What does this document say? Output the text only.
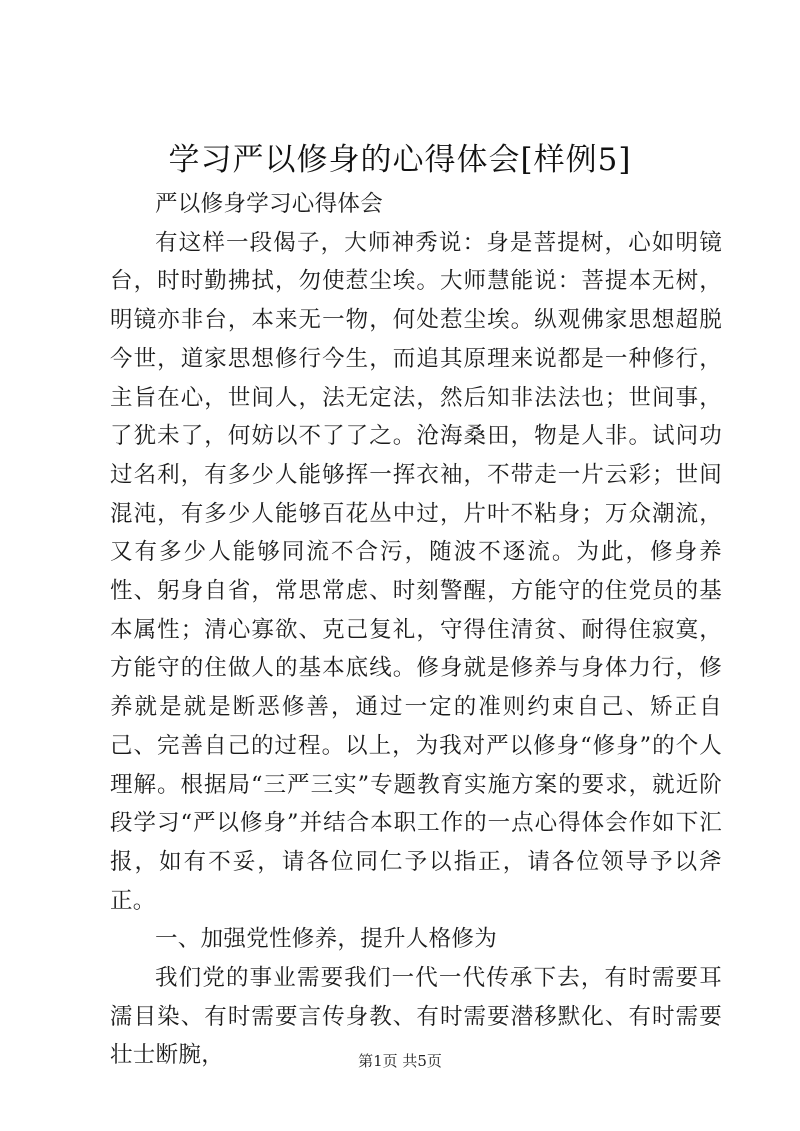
学习严以修身的心得体会[样例5]

严以修身学习心得体会

有这样一段偈子，大师神秀说：身是菩提树，心如明镜台，时时勤拂拭，勿使惹尘埃。大师慧能说：菩提本无树，明镜亦非台，本来无一物，何处惹尘埃。纵观佛家思想超脱今世，道家思想修行今生，而追其原理来说都是一种修行，主旨在心，世间人，法无定法，然后知非法法也；世间事，了犹未了，何妨以不了了之。沧海桑田，物是人非。试问功过名利，有多少人能够挥一挥衣袖，不带走一片云彩；世间混沌，有多少人能够百花丛中过，片叶不粘身；万众潮流，又有多少人能够同流不合污，随波不逐流。为此，修身养性、躬身自省，常思常虑、时刻警醒，方能守的住党员的基本属性；清心寡欲、克己复礼，守得住清贫、耐得住寂寞，方能守的住做人的基本底线。修身就是修养与身体力行，修养就是就是断恶修善，通过一定的准则约束自己、矫正自己、完善自己的过程。以上，为我对严以修身“修身”的个人理解。根据局“三严三实”专题教育实施方案的要求，就近阶段学习“严以修身”并结合本职工作的一点心得体会作如下汇报，如有不妥，请各位同仁予以指正，请各位领导予以斧正。

一、加强党性修养，提升人格修为

我们党的事业需要我们一代一代传承下去，有时需要耳濡目染、有时需要言传身教、有时需要潜移默化、有时需要壮士断腕，	第1页 共5页
